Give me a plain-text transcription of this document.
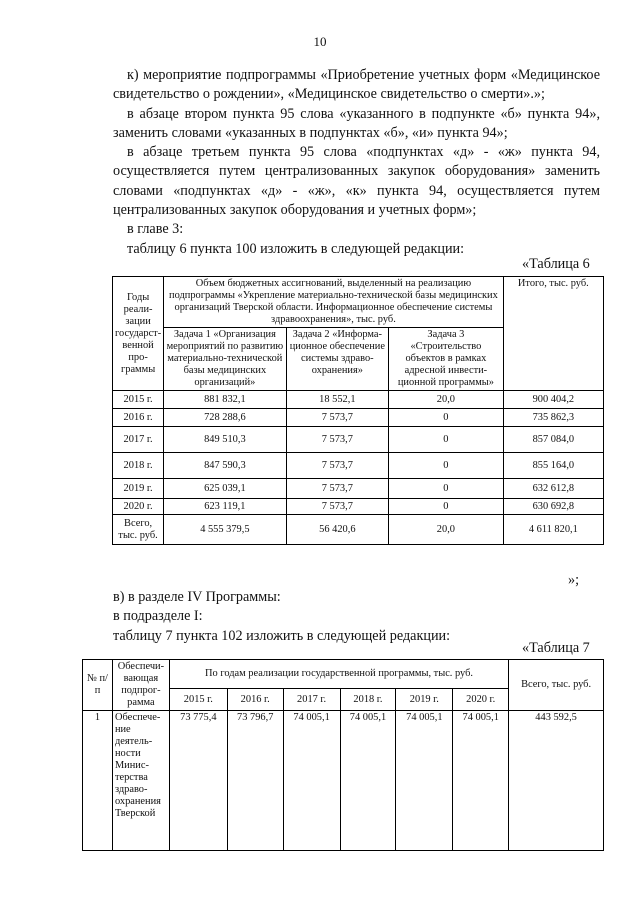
10

к) мероприятие подпрограммы «Приобретение учетных форм «Медицинское свидетельство о рождении», «Медицинское свидетельство о смерти».»;

в абзаце втором пункта 95 слова «указанного в подпункте «б» пункта 94», заменить словами «указанных в подпунктах «б», «и» пункта 94»;

в абзаце третьем пункта 95 слова «подпунктах «д» - «ж» пункта 94, осуществляется путем централизованных закупок оборудования» заменить словами «подпунктах «д» - «ж», «к» пункта 94, осуществляется путем централизованных закупок оборудования и учетных форм»;

в главе 3:

таблицу 6 пункта 100 изложить в следующей редакции:

«Таблица 6
Годы реали-зации государст-венной про-граммы	Объем бюджетных ассигнований, выделенный на реализацию подпрограммы «Укрепление материально-технической базы медицинских организаций Тверской области. Информационное обеспечение системы здравоохранения», тыс. руб.			Итого, тыс. руб.
	Задача 1 «Организация мероприятий по развитию материально-технической базы медицинских организаций»	Задача 2 «Информа-ционное обеспечение системы здраво-охранения»	Задача 3 «Строительство объектов в рамках адресной инвести-ционной программы»	
2015 г.	881 832,1	18 552,1	20,0	900 404,2
2016 г.	728 288,6	7 573,7	0	735 862,3
2017 г.	849 510,3	7 573,7	0	857 084,0
2018 г.	847 590,3	7 573,7	0	855 164,0
2019 г.	625 039,1	7 573,7	0	632 612,8
2020 г.	623 119,1	7 573,7	0	630 692,8
Всего, тыс. руб.	4 555 379,5	56 420,6	20,0	4 611 820,1
»;

в) в разделе IV Программы:

в подразделе I:

таблицу 7 пункта 102 изложить в следующей редакции:

«Таблица 7
№ п/п	Обеспечи-вающая подпрог-рамма	По годам реализации государственной программы, тыс. руб.						Всего, тыс. руб.
		2015 г.	2016 г.	2017 г.	2018 г.	2019 г.	2020 г.	
1	Обеспече-ние деятель-ности Минис-терства здраво-охранения Тверской	73 775,4	73 796,7	74 005,1	74 005,1	74 005,1	74 005,1	443 592,5
